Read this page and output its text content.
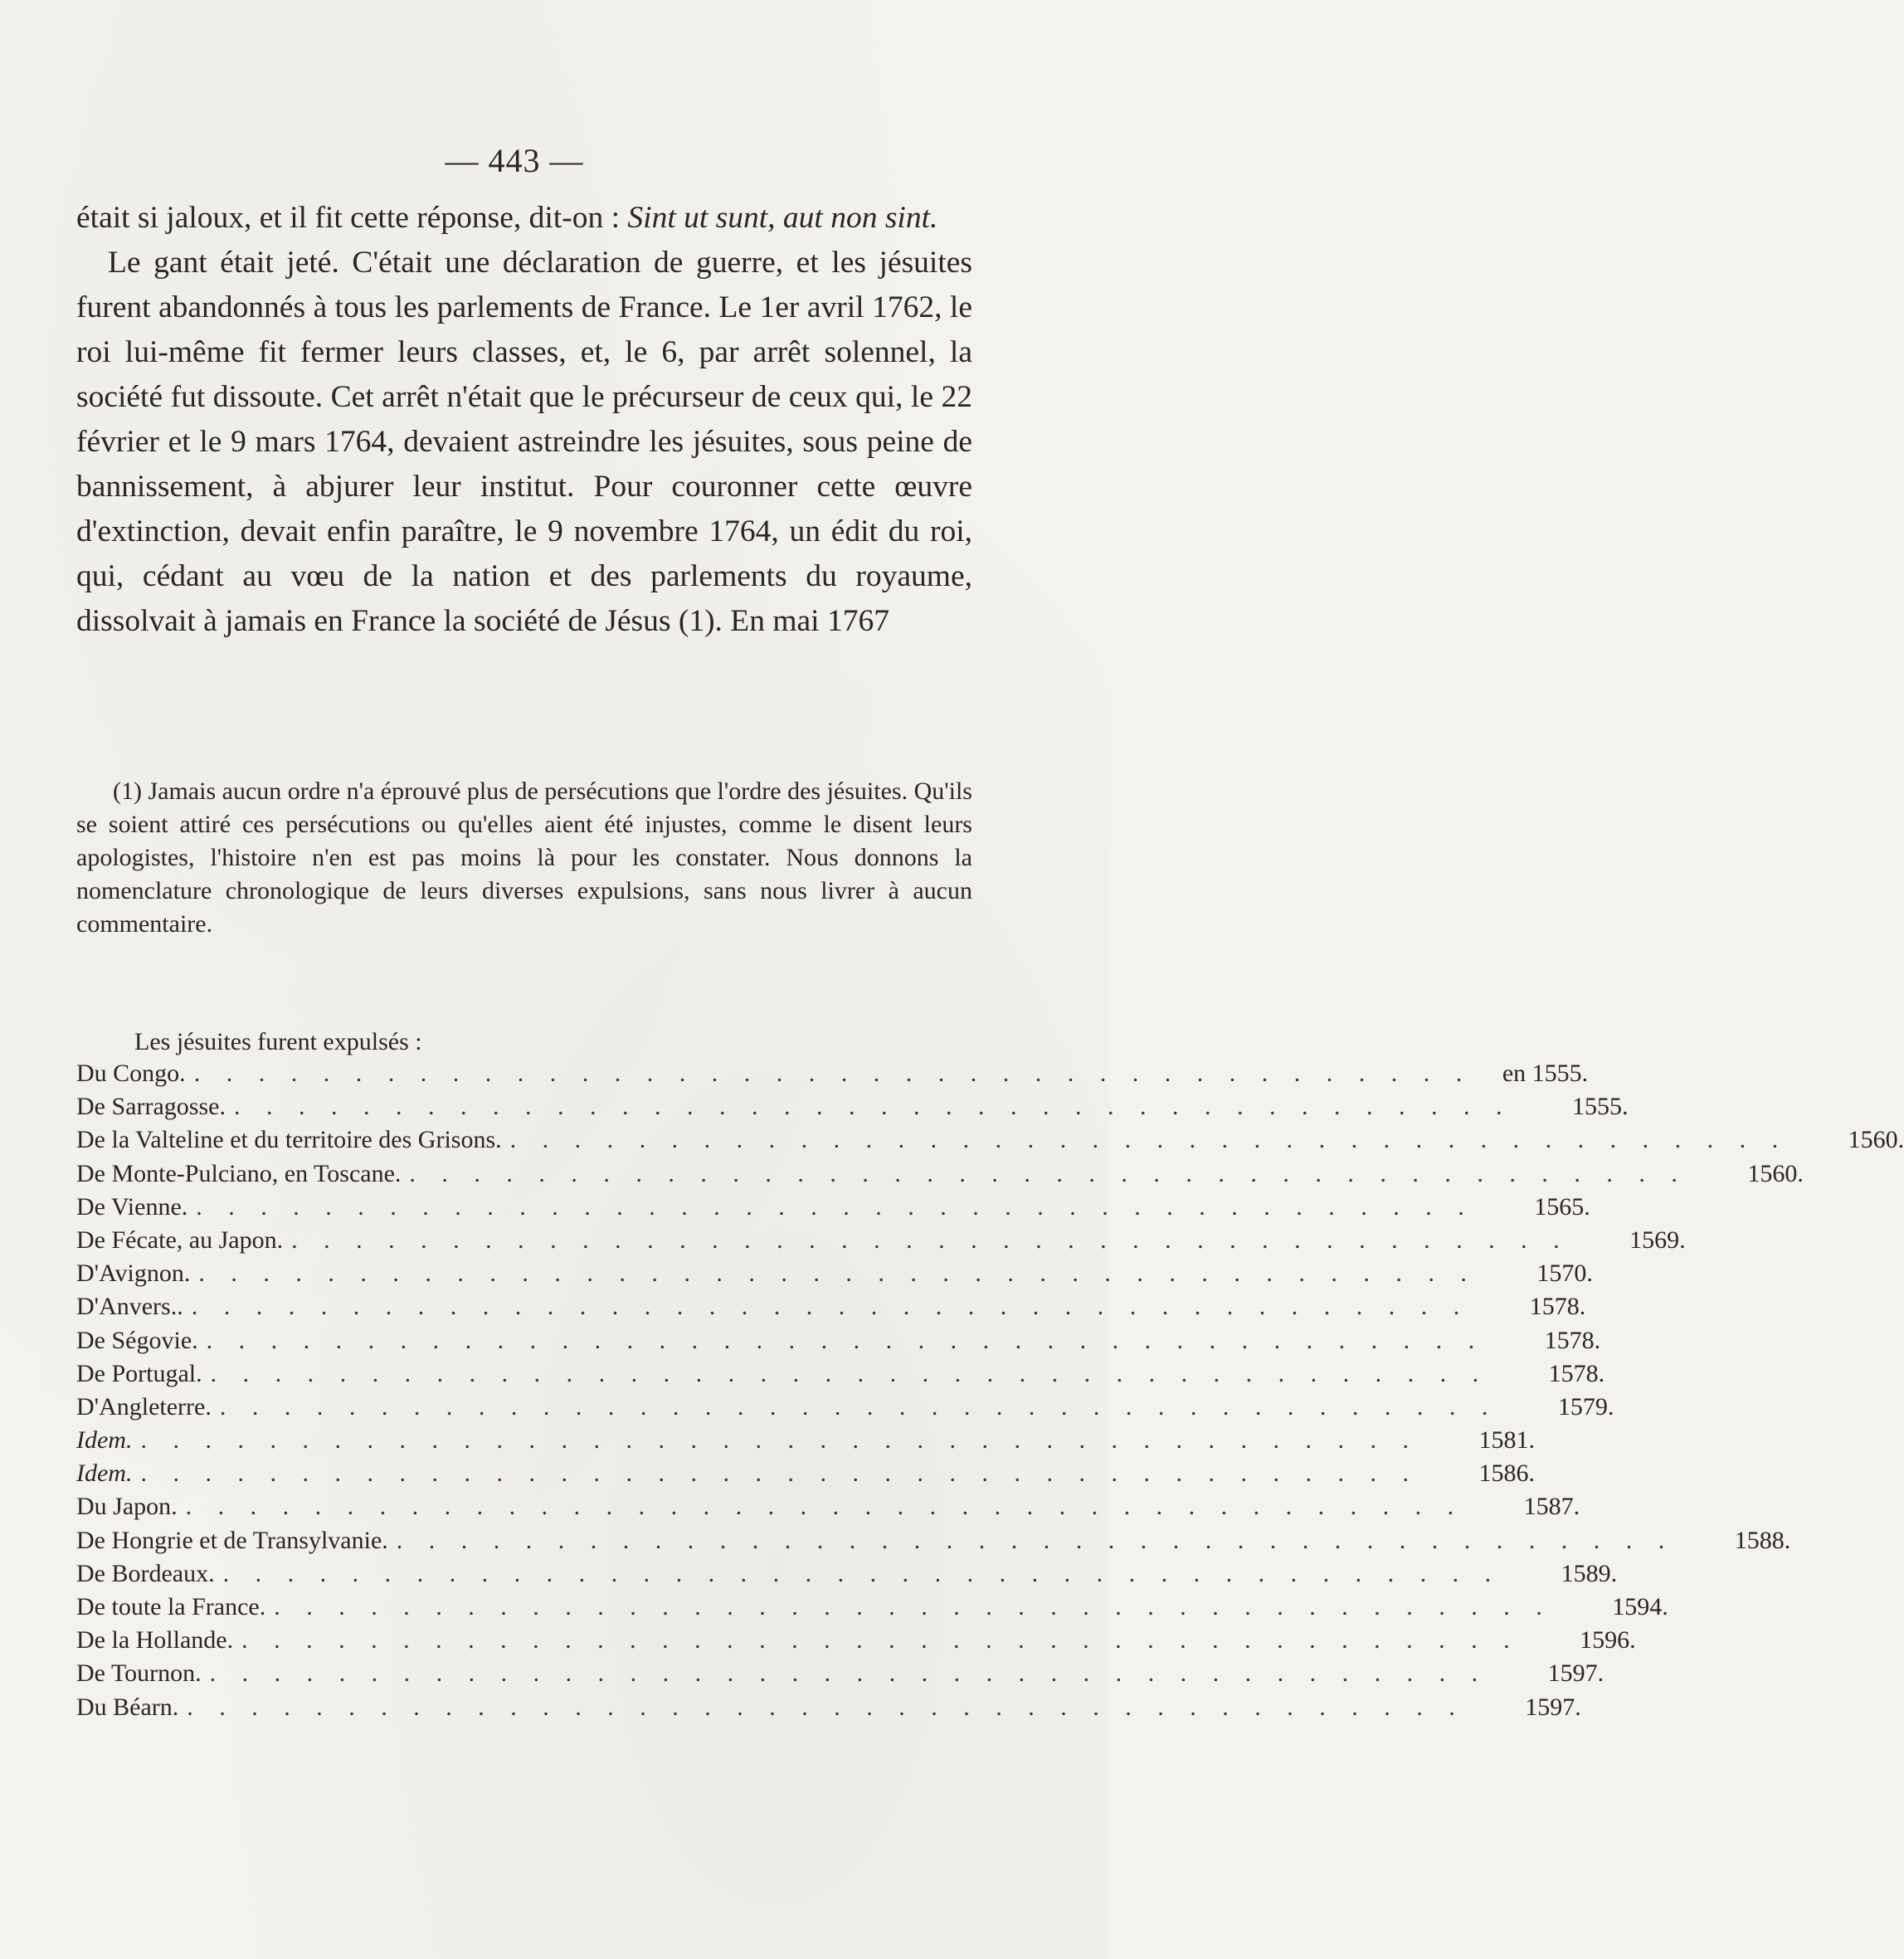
— 443 —

était si jaloux, et il fit cette réponse, dit-on : Sint ut sunt, aut non sint.

Le gant était jeté. C'était une déclaration de guerre, et les jésuites furent abandonnés à tous les parlements de France. Le 1er avril 1762, le roi lui-même fit fermer leurs classes, et, le 6, par arrêt solennel, la société fut dissoute. Cet arrêt n'était que le précurseur de ceux qui, le 22 février et le 9 mars 1764, devaient astreindre les jésuites, sous peine de bannissement, à abjurer leur institut. Pour couronner cette œuvre d'extinction, devait enfin paraître, le 9 novembre 1764, un édit du roi, qui, cédant au vœu de la nation et des parlements du royaume, dissolvait à jamais en France la société de Jésus (1). En mai 1767

(1) Jamais aucun ordre n'a éprouvé plus de persécutions que l'ordre des jésuites. Qu'ils se soient attiré ces persécutions ou qu'elles aient été injustes, comme le disent leurs apologistes, l'histoire n'en est pas moins là pour les constater. Nous donnons la nomenclature chronologique de leurs diverses expulsions, sans nous livrer à aucun commentaire.

Les jésuites furent expulsés :
Du Congo. . . . . . . . . . . . . . . . . . . . . . . . . . . . . . . . . . . . . . . . .	en 1555.
De Sarragosse. . . . . . . . . . . . . . . . . . . . . . . . . . . . . . . . . . . . . . . . .	1555.
De la Valteline et du territoire des Grisons. . . . . . . . . . . . . . . . . . . . . . . . . . . . . . . . . . . . . . . . .	1560.
De Monte-Pulciano, en Toscane. . . . . . . . . . . . . . . . . . . . . . . . . . . . . . . . . . . . . . . . .	1560.
De Vienne. . . . . . . . . . . . . . . . . . . . . . . . . . . . . . . . . . . . . . . . .	1565.
De Fécate, au Japon. . . . . . . . . . . . . . . . . . . . . . . . . . . . . . . . . . . . . . . . .	1569.
D'Avignon. . . . . . . . . . . . . . . . . . . . . . . . . . . . . . . . . . . . . . . . .	1570.
D'Anvers.. . . . . . . . . . . . . . . . . . . . . . . . . . . . . . . . . . . . . . . . .	1578.
De Ségovie. . . . . . . . . . . . . . . . . . . . . . . . . . . . . . . . . . . . . . . . .	1578.
De Portugal. . . . . . . . . . . . . . . . . . . . . . . . . . . . . . . . . . . . . . . . .	1578.
D'Angleterre. . . . . . . . . . . . . . . . . . . . . . . . . . . . . . . . . . . . . . . . .	1579.
Idem. . . . . . . . . . . . . . . . . . . . . . . . . . . . . . . . . . . . . . . . .	1581.
Idem. . . . . . . . . . . . . . . . . . . . . . . . . . . . . . . . . . . . . . . . .	1586.
Du Japon. . . . . . . . . . . . . . . . . . . . . . . . . . . . . . . . . . . . . . . . .	1587.
De Hongrie et de Transylvanie. . . . . . . . . . . . . . . . . . . . . . . . . . . . . . . . . . . . . . . . .	1588.
De Bordeaux. . . . . . . . . . . . . . . . . . . . . . . . . . . . . . . . . . . . . . . . .	1589.
De toute la France. . . . . . . . . . . . . . . . . . . . . . . . . . . . . . . . . . . . . . . . .	1594.
De la Hollande. . . . . . . . . . . . . . . . . . . . . . . . . . . . . . . . . . . . . . . . .	1596.
De Tournon. . . . . . . . . . . . . . . . . . . . . . . . . . . . . . . . . . . . . . . . .	1597.
Du Béarn. . . . . . . . . . . . . . . . . . . . . . . . . . . . . . . . . . . . . . . . .	1597.
